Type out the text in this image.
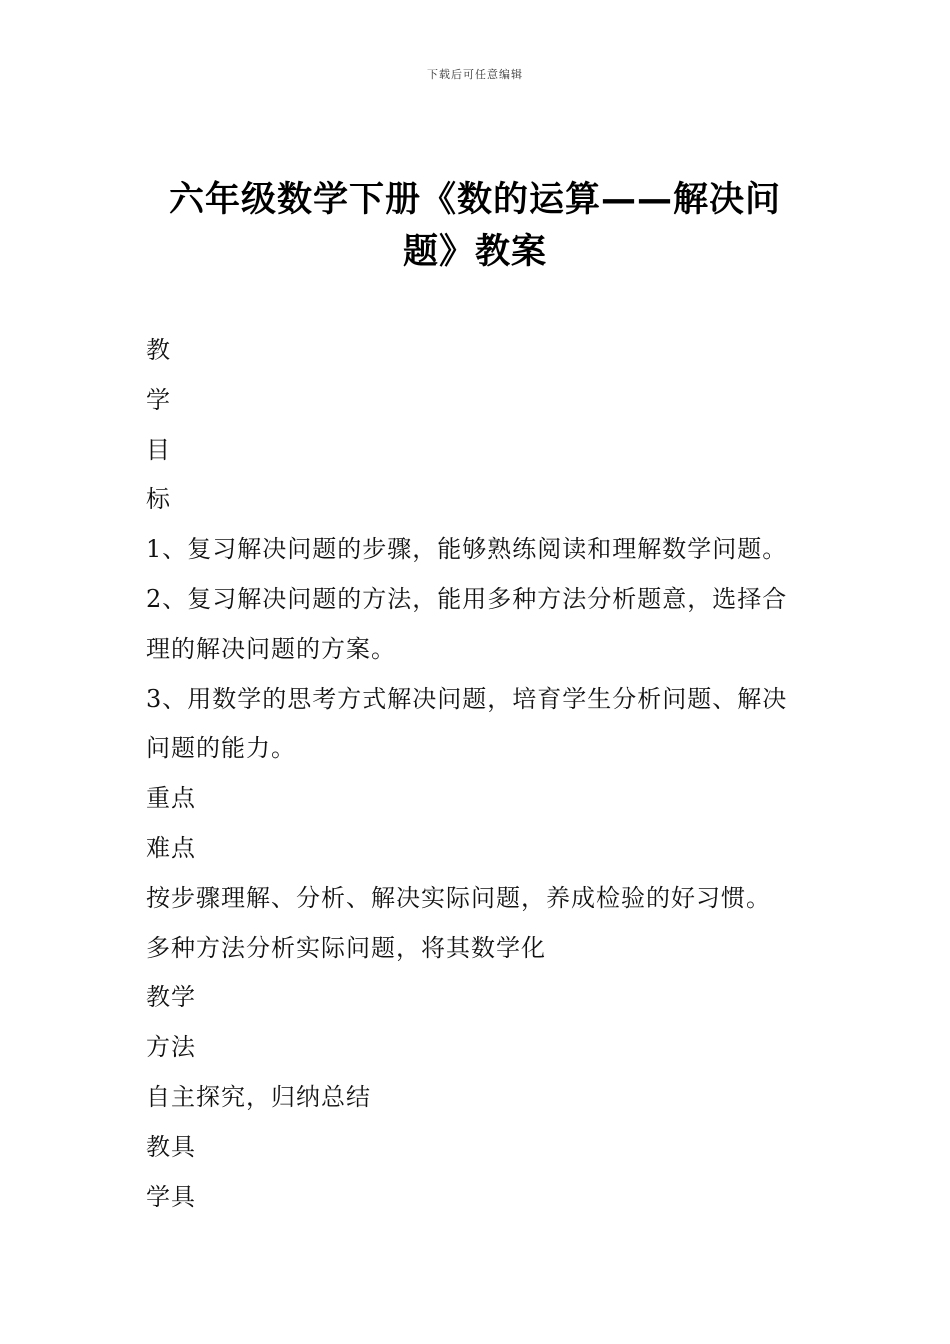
下载后可任意编辑
六年级数学下册《数的运算——解决问
题》教案
教
学
目
标
1、复习解决问题的步骤，能够熟练阅读和理解数学问题。
2、复习解决问题的方法，能用多种方法分析题意，选择合
理的解决问题的方案。
3、用数学的思考方式解决问题，培育学生分析问题、解决
问题的能力。
重点
难点
按步骤理解、分析、解决实际问题，养成检验的好习惯。
多种方法分析实际问题，将其数学化
教学
方法
自主探究，归纳总结
教具
学具
